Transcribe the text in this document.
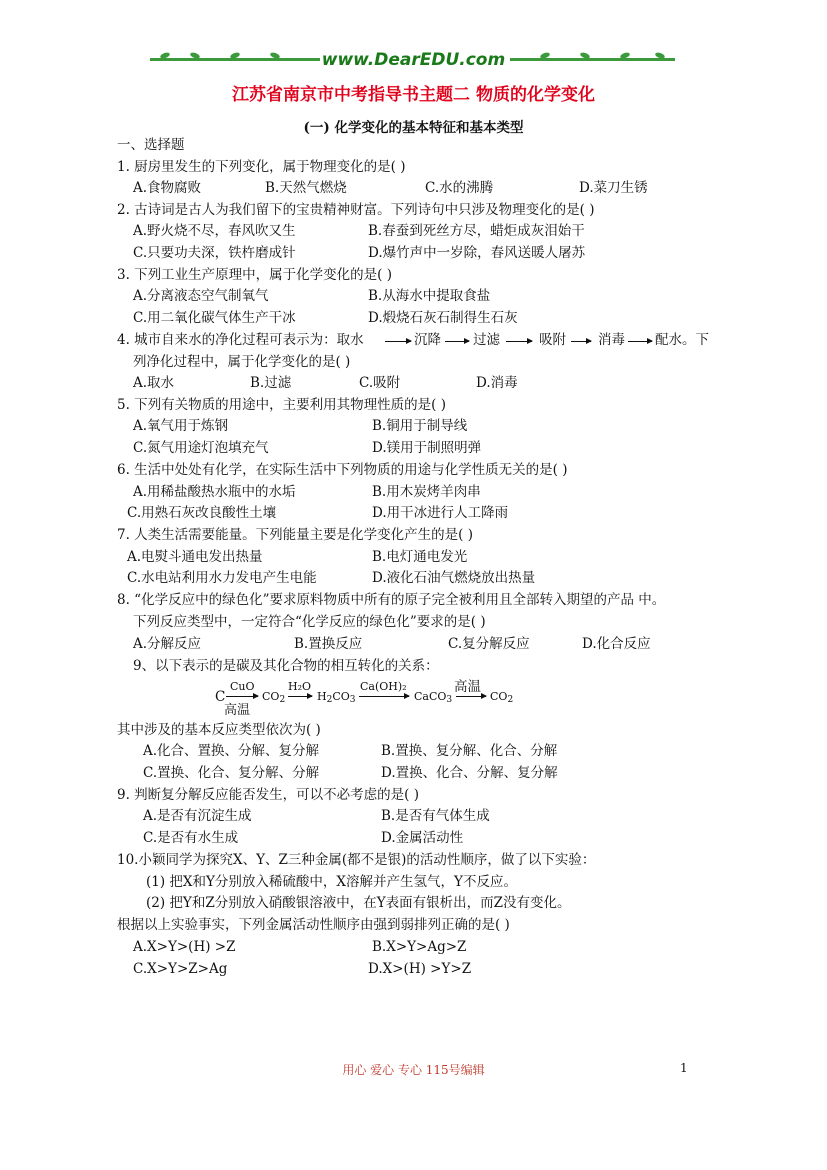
www.DearEDU.com
江苏省南京市中考指导书主题二 物质的化学变化
(一) 化学变化的基本特征和基本类型
一、选择题
1. 厨房里发生的下列变化，属于物理变化的是( )
A.食物腐败	B.天然气燃烧	C.水的沸腾	D.菜刀生锈
2. 古诗词是古人为我们留下的宝贵精神财富。下列诗句中只涉及物理变化的是( )
A.野火烧不尽，春风吹又生	B.春蚕到死丝方尽，蜡炬成灰泪始干
C.只要功夫深，铁杵磨成针	D.爆竹声中一岁除，春风送暖人屠苏
3. 下列工业生产原理中，属于化学变化的是( )
A.分离液态空气制氧气	B.从海水中提取食盐
C.用二氧化碳气体生产干冰	D.煅烧石灰石制得生石灰
4. 城市自来水的净化过程可表示为：取水	沉降 过滤	吸附 消毒 配水。下
列净化过程中，属于化学变化的是( )
A.取水	B.过滤	C.吸附	D.消毒
5. 下列有关物质的用途中，主要利用其物理性质的是( )
A.氧气用于炼钢	B.铜用于制导线
C.氮气用途灯泡填充气	D.镁用于制照明弹
6. 生活中处处有化学，在实际生活中下列物质的用途与化学性质无关的是( )
A.用稀盐酸热水瓶中的水垢	B.用木炭烤羊肉串
C.用熟石灰改良酸性土壤	D.用干冰进行人工降雨
7. 人类生活需要能量。下列能量主要是化学变化产生的是( )
A.电熨斗通电发出热量	B.电灯通电发光
C.水电站利用水力发电产生电能	D.液化石油气燃烧放出热量
8. “化学反应中的绿色化”要求原料物质中所有的原子完全被利用且全部转入期望的产品 中。
下列反应类型中，一定符合“化学反应的绿色化”要求的是( )
A.分解反应	B.置换反应	C.复分解反应	D.化合反应
9、以下表示的是碳及其化合物的相互转化的关系：
CuO
C
高温
$CO_2$
H₂O
$H_2CO_3$
Ca(OH)₂
CaCO$_3$
高温
$CO_2$
其中涉及的基本反应类型依次为( )
A.化合、置换、分解、复分解	B.置换、复分解、化合、分解
C.置换、化合、复分解、分解	D.置换、化合、分解、复分解
9. 判断复分解反应能否发生，可以不必考虑的是( )
A.是否有沉淀生成	B.是否有气体生成
C.是否有水生成	D.金属活动性
10.小颖同学为探究X、Y、Z三种金属(都不是银)的活动性顺序，做了以下实验：
(1) 把X和Y分别放入稀硫酸中，X溶解并产生氢气，Y不反应。
(2) 把Y和Z分别放入硝酸银溶液中，在Y表面有银析出，而Z没有变化。
根据以上实验事实，下列金属活动性顺序由强到弱排列正确的是( )
A.X>Y>(H) >Z	B.X>Y>Ag>Z
C.X>Y>Z>Ag	D.X>(H) >Y>Z
用心 爱心 专心 115号编辑	1
